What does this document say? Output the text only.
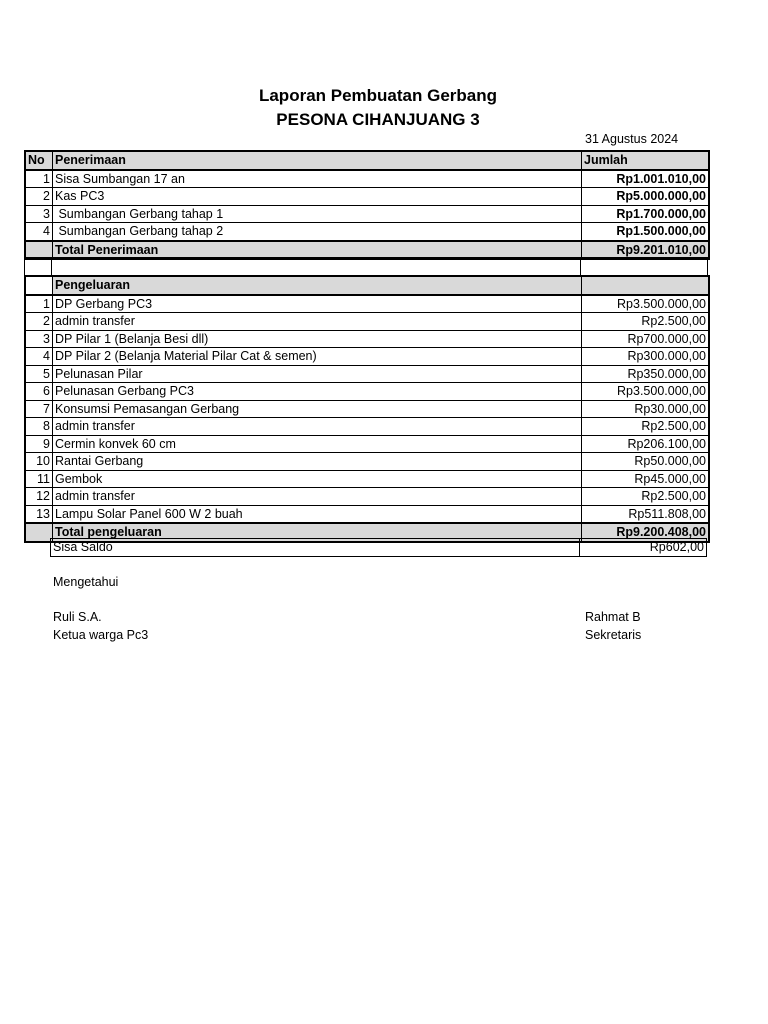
Laporan Pembuatan Gerbang
PESONA CIHANJUANG 3
31 Agustus 2024
No	Penerimaan	Jumlah
1	Sisa Sumbangan 17 an	Rp1.001.010,00
2	Kas PC3	Rp5.000.000,00
3	Sumbangan Gerbang tahap 1	Rp1.700.000,00
4	Sumbangan Gerbang tahap 2	Rp1.500.000,00
	Total Penerimaan	Rp9.201.010,00

	Pengeluaran	
1	DP Gerbang PC3	Rp3.500.000,00
2	admin transfer	Rp2.500,00
3	DP Pilar 1 (Belanja Besi dll)	Rp700.000,00
4	DP Pilar 2 (Belanja Material Pilar Cat & semen)	Rp300.000,00
5	Pelunasan Pilar	Rp350.000,00
6	Pelunasan Gerbang PC3	Rp3.500.000,00
7	Konsumsi Pemasangan Gerbang	Rp30.000,00
8	admin transfer	Rp2.500,00
9	Cermin konvek 60 cm	Rp206.100,00
10	Rantai Gerbang	Rp50.000,00
11	Gembok	Rp45.000,00
12	admin transfer	Rp2.500,00
13	Lampu Solar Panel 600 W 2 buah	Rp511.808,00
	Total pengeluaran	Rp9.200.408,00
	Sisa Saldo	Rp602,00
Mengetahui
Ruli S.A.
Ketua warga Pc3
Rahmat B
Sekretaris
